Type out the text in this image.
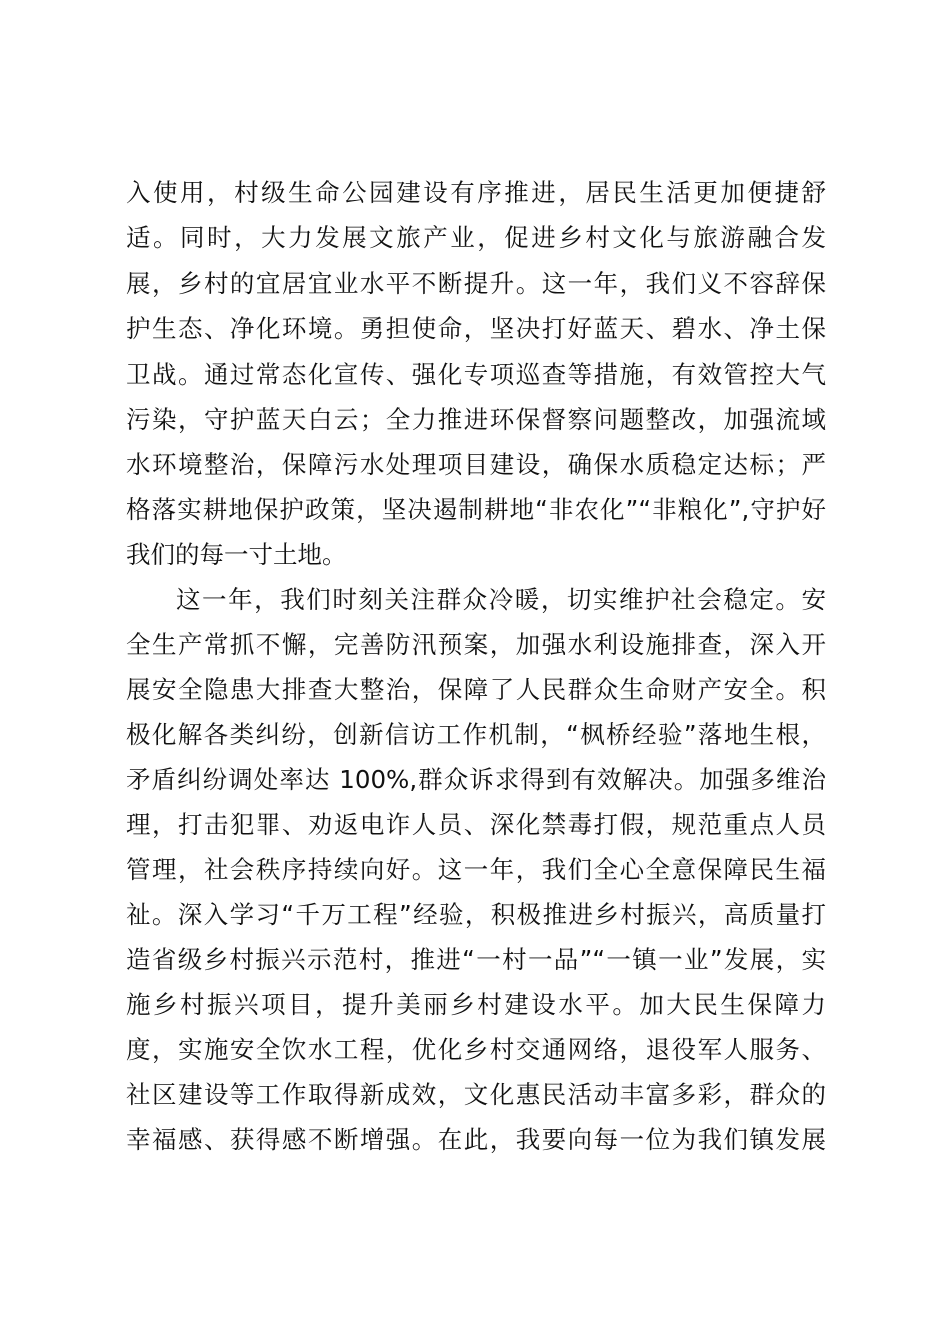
入使用，村级生命公园建设有序推进，居民生活更加便捷舒
适。同时，大力发展文旅产业，促进乡村文化与旅游融合发
展，乡村的宜居宜业水平不断提升。这一年，我们义不容辞保
护生态、净化环境。勇担使命，坚决打好蓝天、碧水、净土保
卫战。通过常态化宣传、强化专项巡查等措施，有效管控大气
污染，守护蓝天白云；全力推进环保督察问题整改，加强流域
水环境整治，保障污水处理项目建设，确保水质稳定达标；严
格落实耕地保护政策，坚决遏制耕地“非农化”“非粮化”,守护好
我们的每一寸土地。
这一年，我们时刻关注群众冷暖，切实维护社会稳定。安
全生产常抓不懈，完善防汛预案，加强水利设施排查，深入开
展安全隐患大排查大整治，保障了人民群众生命财产安全。积
极化解各类纠纷，创新信访工作机制，“枫桥经验”落地生根，
矛盾纠纷调处率达 100%,群众诉求得到有效解决。加强多维治
理，打击犯罪、劝返电诈人员、深化禁毒打假，规范重点人员
管理，社会秩序持续向好。这一年，我们全心全意保障民生福
祉。深入学习“千万工程”经验，积极推进乡村振兴，高质量打
造省级乡村振兴示范村，推进“一村一品”“一镇一业”发展，实
施乡村振兴项目，提升美丽乡村建设水平。加大民生保障力
度，实施安全饮水工程，优化乡村交通网络，退役军人服务、
社区建设等工作取得新成效，文化惠民活动丰富多彩，群众的
幸福感、获得感不断增强。在此，我要向每一位为我们镇发展
